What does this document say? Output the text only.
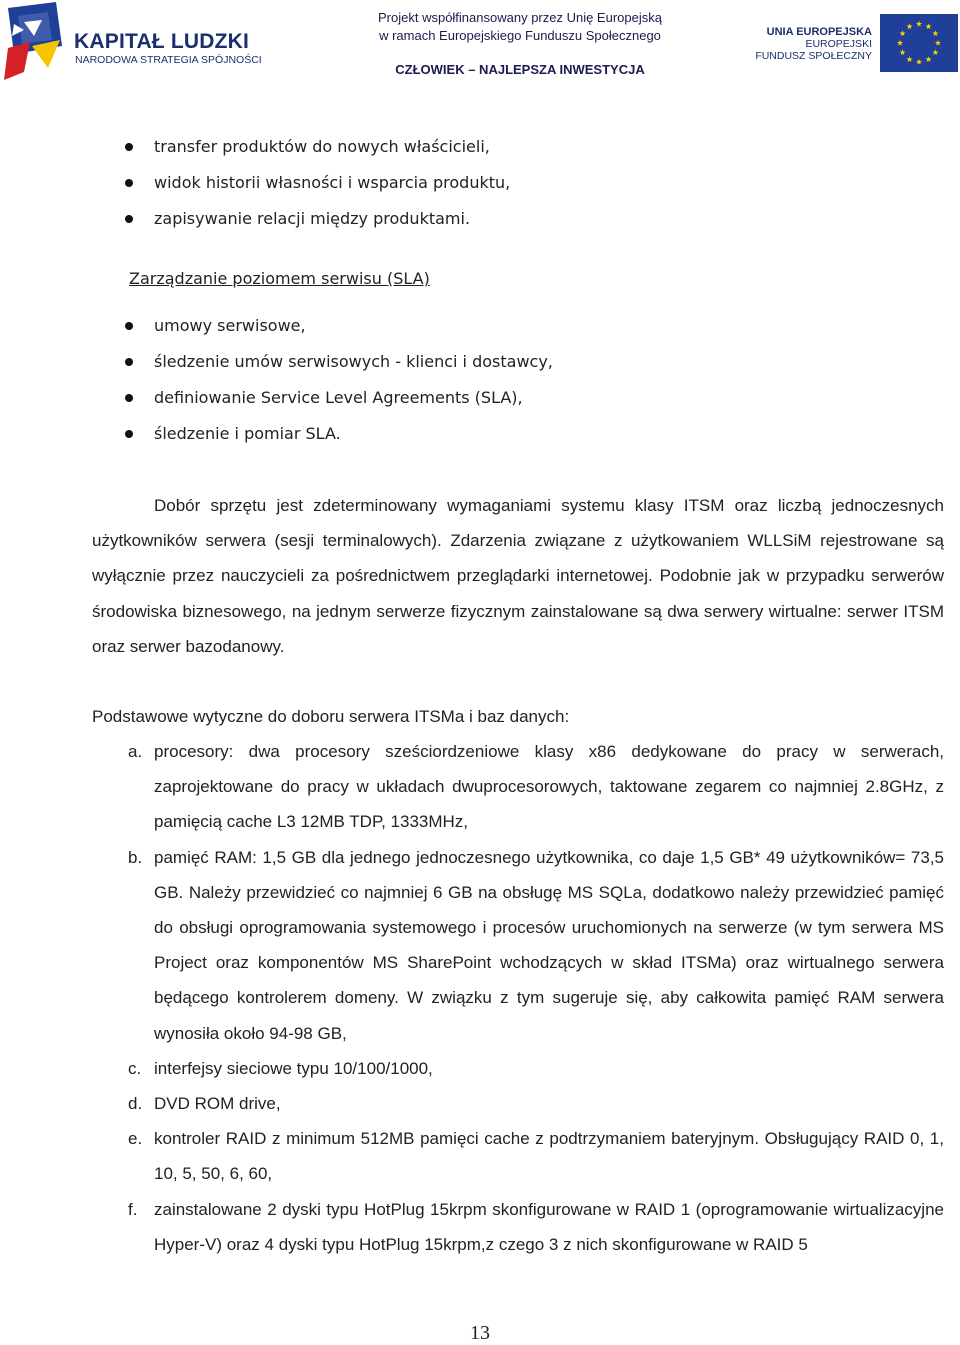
KAPITAŁ LUDZKI
NARODOWA STRATEGIA SPÓJNOŚCI
Projekt współfinansowany przez Unię Europejską
w ramach Europejskiego Funduszu Społecznego
CZŁOWIEK – NAJLEPSZA INWESTYCJA
UNIA EUROPEJSKA
EUROPEJSKI
FUNDUSZ SPOŁECZNY
transfer produktów do nowych właścicieli,
widok historii własności i wsparcia produktu,
zapisywanie relacji między produktami.
Zarządzanie poziomem serwisu (SLA)
umowy serwisowe,
śledzenie umów serwisowych - klienci i dostawcy,
definiowanie Service Level Agreements (SLA),
śledzenie i pomiar SLA.

Dobór sprzętu jest zdeterminowany wymaganiami systemu klasy ITSM oraz liczbą jednoczesnych użytkowników serwera (sesji terminalowych). Zdarzenia związane z użytkowaniem WLLSiM rejestrowane są wyłącznie przez nauczycieli za pośrednictwem przeglądarki internetowej. Podobnie jak w przypadku serwerów środowiska biznesowego, na jednym serwerze fizycznym zainstalowane są dwa serwery wirtualne: serwer ITSM oraz serwer bazodanowy.

Podstawowe wytyczne do doboru serwera ITSMa i baz danych:

a. procesory: dwa procesory sześciordzeniowe klasy x86 dedykowane do pracy w serwerach, zaprojektowane do pracy w układach dwuprocesorowych, taktowane zegarem co najmniej 2.8GHz, z pamięcią cache L3 12MB TDP, 1333MHz,
b. pamięć RAM: 1,5 GB dla jednego jednoczesnego użytkownika, co daje 1,5 GB* 49 użytkowników= 73,5 GB. Należy przewidzieć co najmniej 6 GB na obsługę MS SQLa, dodatkowo należy przewidzieć pamięć do obsługi oprogramowania systemowego i procesów uruchomionych na serwerze (w tym serwera MS Project oraz komponentów MS SharePoint wchodzących w skład ITSMa) oraz wirtualnego serwera będącego kontrolerem domeny. W związku z tym sugeruje się, aby całkowita pamięć RAM serwera wynosiła około 94-98 GB,
c. interfejsy sieciowe typu 10/100/1000,
d. DVD ROM drive,
e. kontroler RAID z minimum 512MB pamięci cache z podtrzymaniem bateryjnym. Obsługujący RAID 0, 1, 10, 5, 50, 6, 60,
f. zainstalowane 2 dyski typu HotPlug 15krpm skonfigurowane w RAID 1 (oprogramowanie wirtualizacyjne Hyper-V) oraz 4 dyski typu HotPlug 15krpm,z czego 3 z nich skonfigurowane w RAID 5
13
